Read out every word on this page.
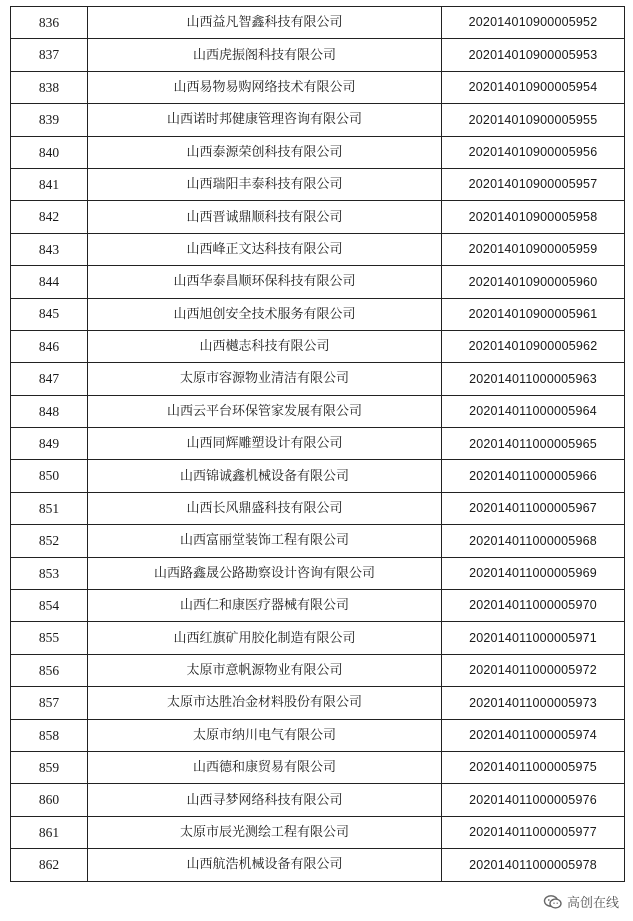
836	山西益凡智鑫科技有限公司	202014010900005952
837	山西虎振阁科技有限公司	202014010900005953
838	山西易物易购网络技术有限公司	202014010900005954
839	山西诺时邦健康管理咨询有限公司	202014010900005955
840	山西泰源荣创科技有限公司	202014010900005956
841	山西瑞阳丰泰科技有限公司	202014010900005957
842	山西晋诚鼎顺科技有限公司	202014010900005958
843	山西峰正文达科技有限公司	202014010900005959
844	山西华泰昌顺环保科技有限公司	202014010900005960
845	山西旭创安全技术服务有限公司	202014010900005961
846	山西樾志科技有限公司	202014010900005962
847	太原市容源物业清洁有限公司	202014011000005963
848	山西云平台环保管家发展有限公司	202014011000005964
849	山西同辉雕塑设计有限公司	202014011000005965
850	山西锦诚鑫机械设备有限公司	202014011000005966
851	山西长风鼎盛科技有限公司	202014011000005967
852	山西富丽堂装饰工程有限公司	202014011000005968
853	山西路鑫晟公路勘察设计咨询有限公司	202014011000005969
854	山西仁和康医疗器械有限公司	202014011000005970
855	山西红旗矿用胶化制造有限公司	202014011000005971
856	太原市意帆源物业有限公司	202014011000005972
857	太原市达胜冶金材料股份有限公司	202014011000005973
858	太原市纳川电气有限公司	202014011000005974
859	山西德和康贸易有限公司	202014011000005975
860	山西寻梦网络科技有限公司	202014011000005976
861	太原市辰光测绘工程有限公司	202014011000005977
862	山西航浩机械设备有限公司	202014011000005978
高创在线
